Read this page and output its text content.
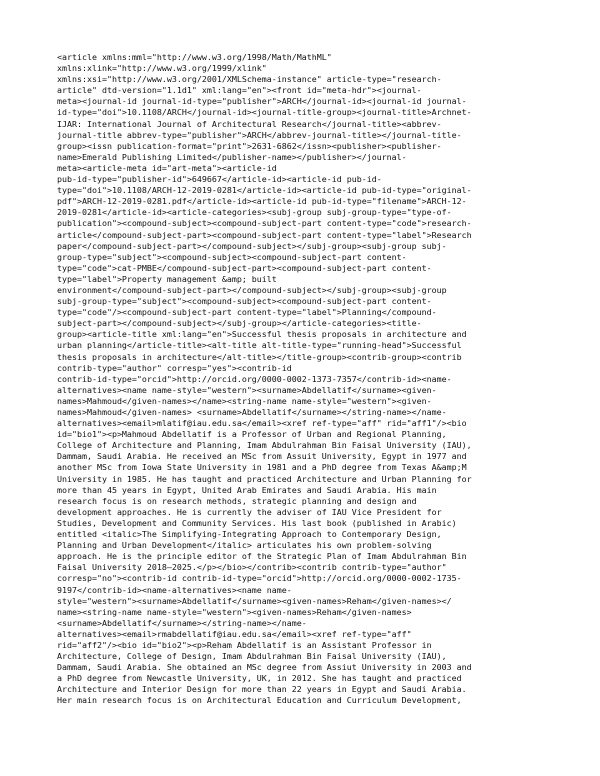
<article xmlns:mml="http://www.w3.org/1998/Math/MathML"
xmlns:xlink="http://www.w3.org/1999/xlink"
xmlns:xsi="http://www.w3.org/2001/XMLSchema-instance" article-type="research-
article" dtd-version="1.1d1" xml:lang="en"><front id="meta-hdr"><journal-
meta><journal-id journal-id-type="publisher">ARCH</journal-id><journal-id journal-
id-type="doi">10.1108/ARCH</journal-id><journal-title-group><journal-title>Archnet-
IJAR: International Journal of Architectural Research</journal-title><abbrev-
journal-title abbrev-type="publisher">ARCH</abbrev-journal-title></journal-title-
group><issn publication-format="print">2631-6862</issn><publisher><publisher-
name>Emerald Publishing Limited</publisher-name></publisher></journal-
meta><article-meta id="art-meta"><article-id
pub-id-type="publisher-id">649667</article-id><article-id pub-id-
type="doi">10.1108/ARCH-12-2019-0281</article-id><article-id pub-id-type="original-
pdf">ARCH-12-2019-0281.pdf</article-id><article-id pub-id-type="filename">ARCH-12-
2019-0281</article-id><article-categories><subj-group subj-group-type="type-of-
publication"><compound-subject><compound-subject-part content-type="code">research-
article</compound-subject-part><compound-subject-part content-type="label">Research
paper</compound-subject-part></compound-subject></subj-group><subj-group subj-
group-type="subject"><compound-subject><compound-subject-part content-
type="code">cat-PMBE</compound-subject-part><compound-subject-part content-
type="label">Property management &amp; built
environment</compound-subject-part></compound-subject></subj-group><subj-group
subj-group-type="subject"><compound-subject><compound-subject-part content-
type="code"/><compound-subject-part content-type="label">Planning</compound-
subject-part></compound-subject></subj-group></article-categories><title-
group><article-title xml:lang="en">Successful thesis proposals in architecture and
urban planning</article-title><alt-title alt-title-type="running-head">Successful
thesis proposals in architecture</alt-title></title-group><contrib-group><contrib
contrib-type="author" corresp="yes"><contrib-id
contrib-id-type="orcid">http://orcid.org/0000-0002-1373-7357</contrib-id><name-
alternatives><name name-style="western"><surname>Abdellatif</surname><given-
names>Mahmoud</given-names></name><string-name name-style="western"><given-
names>Mahmoud</given-names> <surname>Abdellatif</surname></string-name></name-
alternatives><email>mlatif@iau.edu.sa</email><xref ref-type="aff" rid="aff1"/><bio
id="bio1"><p>Mahmoud Abdellatif is a Professor of Urban and Regional Planning,
College of Architecture and Planning, Imam Abdulrahman Bin Faisal University (IAU),
Dammam, Saudi Arabia. He received an MSc from Assuit University, Egypt in 1977 and
another MSc from Iowa State University in 1981 and a PhD degree from Texas A&amp;M
University in 1985. He has taught and practiced Architecture and Urban Planning for
more than 45 years in Egypt, United Arab Emirates and Saudi Arabia. His main
research focus is on research methods, strategic planning and design and
development approaches. He is currently the adviser of IAU Vice President for
Studies, Development and Community Services. His last book (published in Arabic)
entitled <italic>The Simplifying-Integrating Approach to Contemporary Design,
Planning and Urban Development</italic> articulates his own problem-solving
approach. He is the principle editor of the Strategic Plan of Imam Abdulrahman Bin
Faisal University 2018–2025.</p></bio></contrib><contrib contrib-type="author"
corresp="no"><contrib-id contrib-id-type="orcid">http://orcid.org/0000-0002-1735-
9197</contrib-id><name-alternatives><name name-
style="western"><surname>Abdellatif</surname><given-names>Reham</given-names></
name><string-name name-style="western"><given-names>Reham</given-names>
<surname>Abdellatif</surname></string-name></name-
alternatives><email>rmabdellatif@iau.edu.sa</email><xref ref-type="aff"
rid="aff2"/><bio id="bio2"><p>Reham Abdellatif is an Assistant Professor in
Architecture, College of Design, Imam Abdulrahman Bin Faisal University (IAU),
Dammam, Saudi Arabia. She obtained an MSc degree from Assiut University in 2003 and
a PhD degree from Newcastle University, UK, in 2012. She has taught and practiced
Architecture and Interior Design for more than 22 years in Egypt and Saudi Arabia.
Her main research focus is on Architectural Education and Curriculum Development,
